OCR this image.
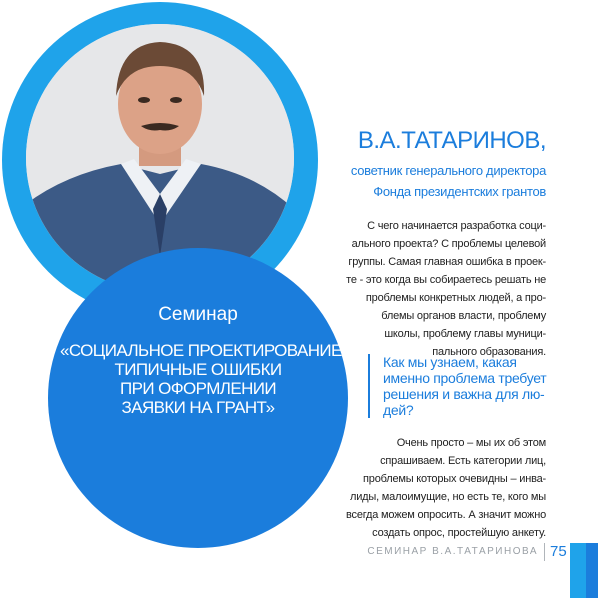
Семинар
«СОЦИАЛЬНОЕ ПРОЕКТИРОВАНИЕ:
ТИПИЧНЫЕ ОШИБКИ
ПРИ ОФОРМЛЕНИИ
ЗАЯВКИ НА ГРАНТ»
В.А.ТАТАРИНОВ,
советник генерального директора
Фонда президентских грантов
С чего начинается разработка соци-
ального проекта? С проблемы целевой
группы. Самая главная ошибка в проек-
те - это когда вы собираетесь решать не
проблемы конкретных людей, а про-
блемы органов власти, проблему
школы, проблему главы муници-
пального образования.
Как мы узнаем, какая
именно проблема требует
решения и важна для лю-
дей?
Очень просто – мы их об этом
спрашиваем. Есть категории лиц,
проблемы которых очевидны – инва-
лиды, малоимущие, но есть те, кого мы
всегда можем опросить. А значит можно
создать опрос, простейшую анкету.
СЕМИНАР В.А.ТАТАРИНОВА 75
